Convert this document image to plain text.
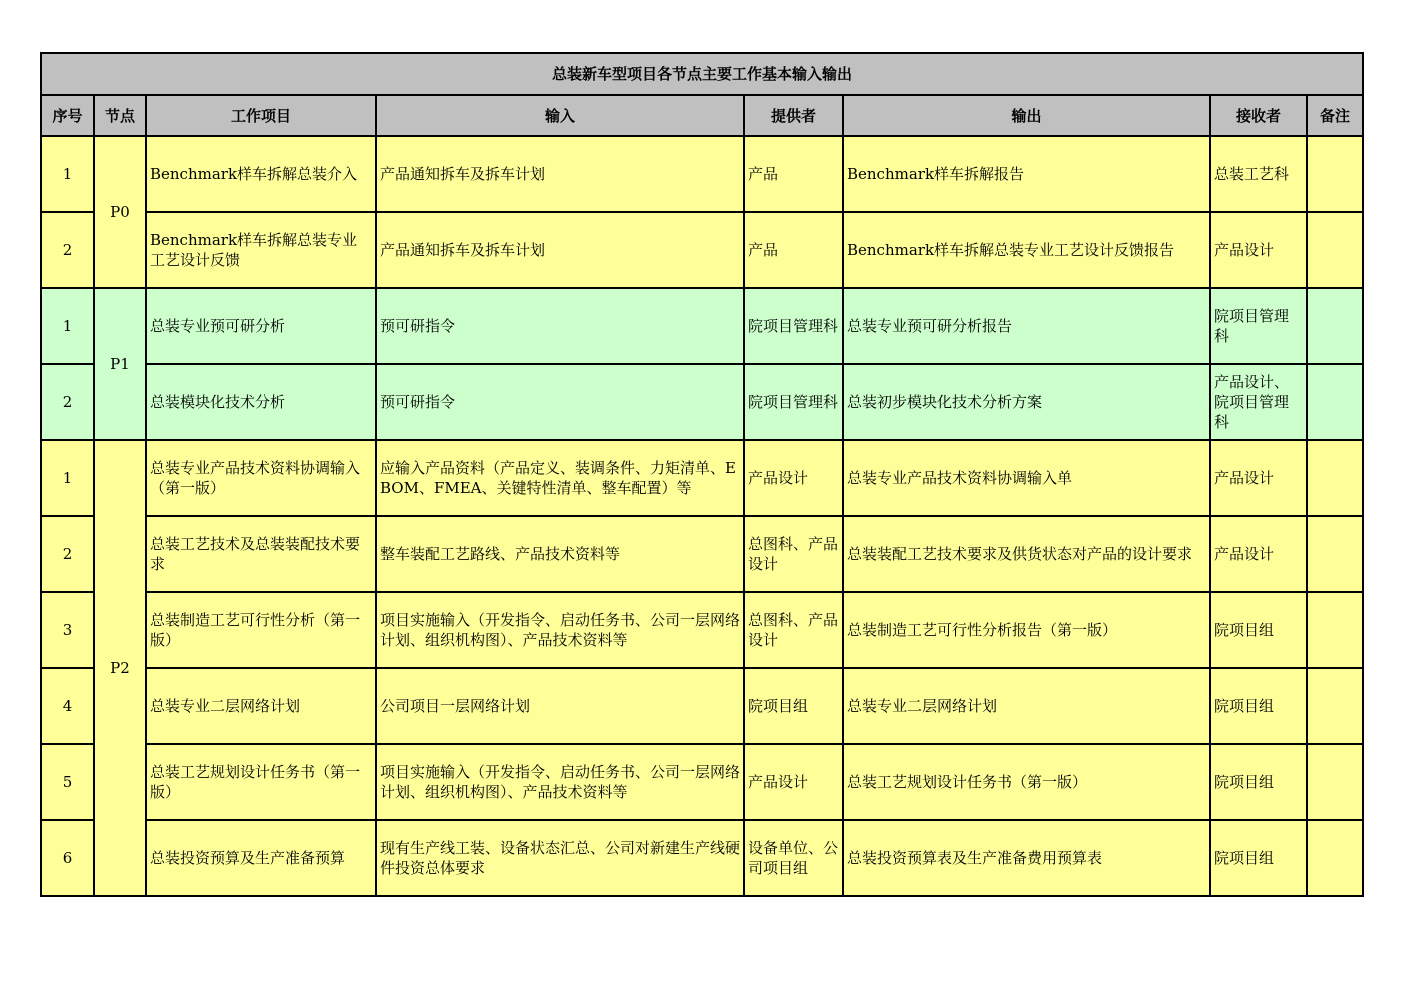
总装新车型项目各节点主要工作基本输入输出							
序号	节点	工作项目	输入	提供者	输出	接收者	备注
1	P0	Benchmark样车拆解总装介入	产品通知拆车及拆车计划	产品	Benchmark样车拆解报告	总装工艺科	
2		Benchmark样车拆解总装专业工艺设计反馈	产品通知拆车及拆车计划	产品	Benchmark样车拆解总装专业工艺设计反馈报告	产品设计	
1	P1	总装专业预可研分析	预可研指令	院项目管理科	总装专业预可研分析报告	院项目管理科	
2		总装模块化技术分析	预可研指令	院项目管理科	总装初步模块化技术分析方案	产品设计、院项目管理科	
1	P2	总装专业产品技术资料协调输入（第一版）	应输入产品资料（产品定义、装调条件、力矩清单、EBOM、FMEA、关键特性清单、整车配置）等	产品设计	总装专业产品技术资料协调输入单	产品设计	
2		总装工艺技术及总装装配技术要求	整车装配工艺路线、产品技术资料等	总图科、产品设计	总装装配工艺技术要求及供货状态对产品的设计要求	产品设计	
3		总装制造工艺可行性分析（第一版）	项目实施输入（开发指令、启动任务书、公司一层网络计划、组织机构图）、产品技术资料等	总图科、产品设计	总装制造工艺可行性分析报告（第一版）	院项目组	
4		总装专业二层网络计划	公司项目一层网络计划	院项目组	总装专业二层网络计划	院项目组	
5		总装工艺规划设计任务书（第一版）	项目实施输入（开发指令、启动任务书、公司一层网络计划、组织机构图）、产品技术资料等	产品设计	总装工艺规划设计任务书（第一版）	院项目组	
6		总装投资预算及生产准备预算	现有生产线工装、设备状态汇总、公司对新建生产线硬件投资总体要求	设备单位、公司项目组	总装投资预算表及生产准备费用预算表	院项目组	
